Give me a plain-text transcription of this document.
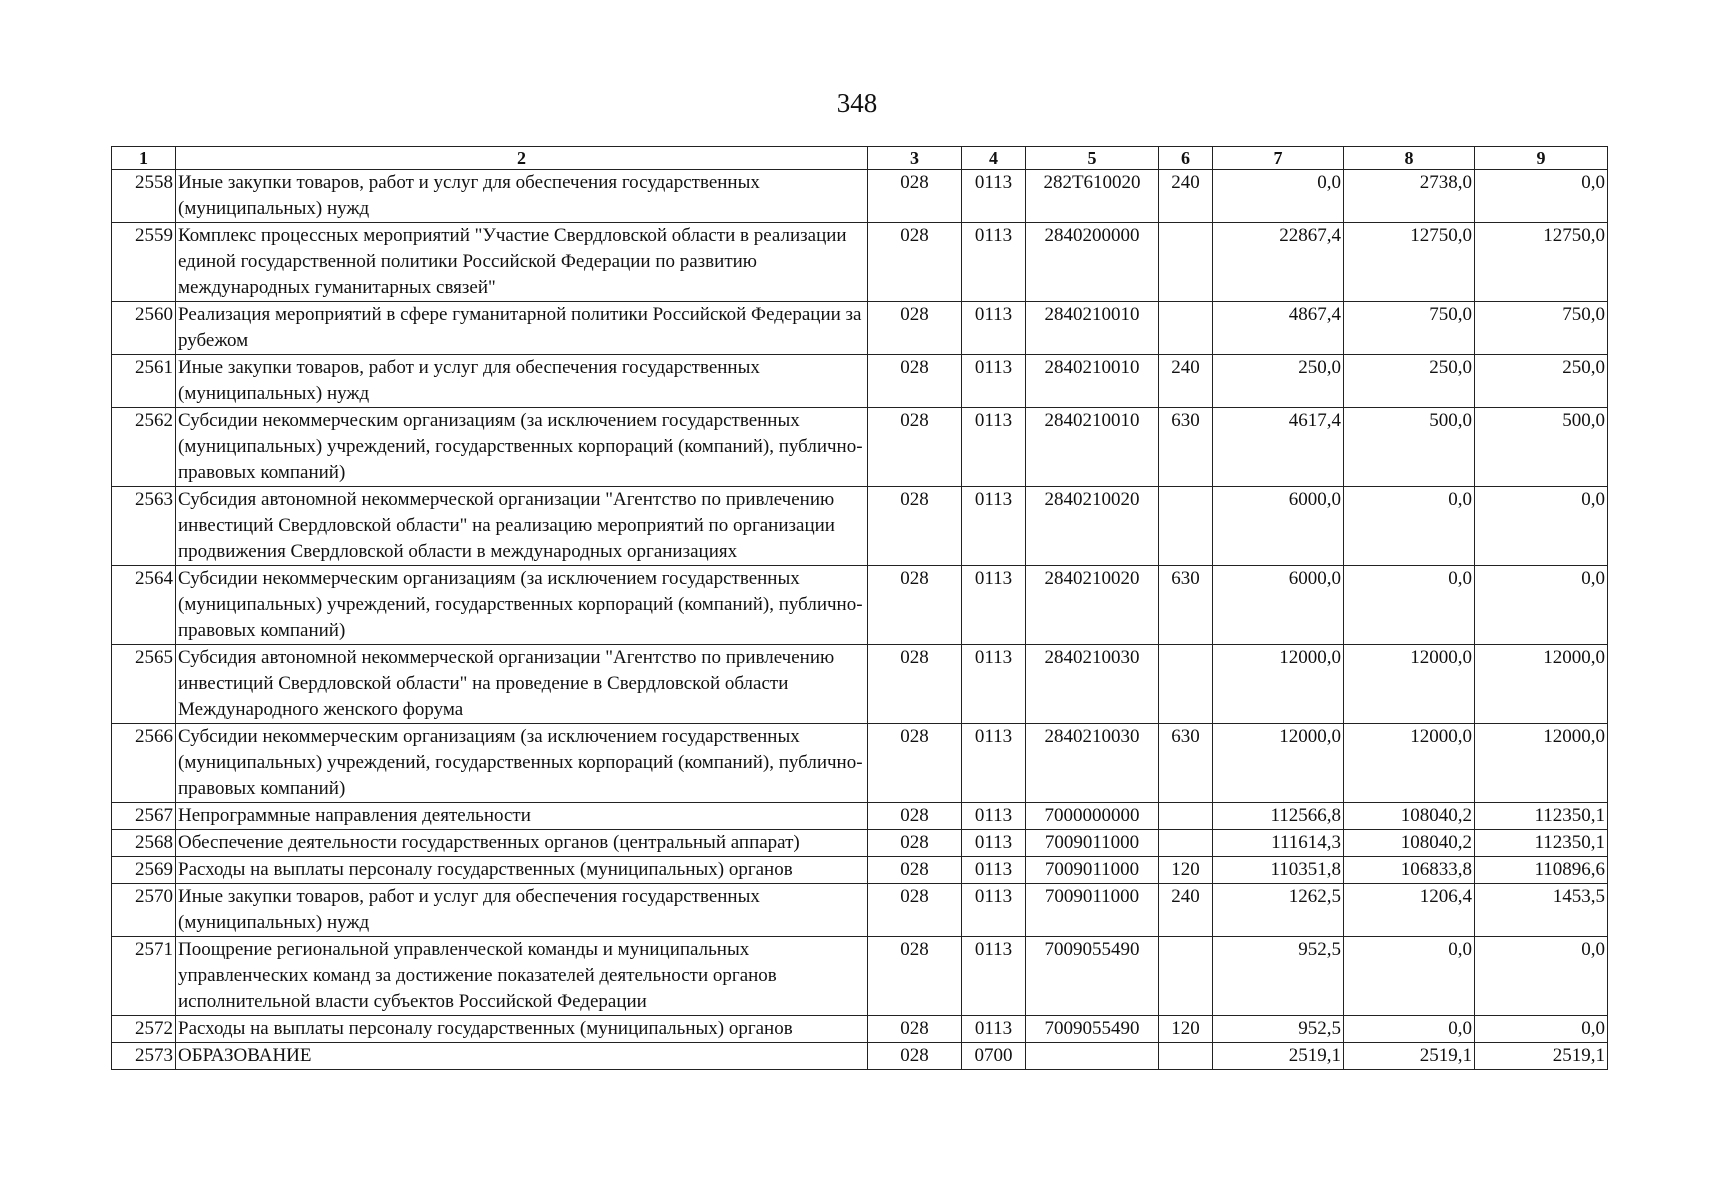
348
1	2	3	4	5	6	7	8	9
2558	Иные закупки товаров, работ и услуг для обеспечения государственных (муниципальных) нужд	028	0113	282Т610020	240	0,0	2738,0	0,0
2559	Комплекс процессных мероприятий "Участие Свердловской области в реализации единой государственной политики Российской Федерации по развитию международных гуманитарных связей"	028	0113	2840200000		22867,4	12750,0	12750,0
2560	Реализация мероприятий в сфере гуманитарной политики Российской Федерации за рубежом	028	0113	2840210010		4867,4	750,0	750,0
2561	Иные закупки товаров, работ и услуг для обеспечения государственных (муниципальных) нужд	028	0113	2840210010	240	250,0	250,0	250,0
2562	Субсидии некоммерческим организациям (за исключением государственных (муниципальных) учреждений, государственных корпораций (компаний), публично-правовых компаний)	028	0113	2840210010	630	4617,4	500,0	500,0
2563	Субсидия автономной некоммерческой организации "Агентство по привлечению инвестиций Свердловской области" на реализацию мероприятий по организации продвижения Свердловской области в международных организациях	028	0113	2840210020		6000,0	0,0	0,0
2564	Субсидии некоммерческим организациям (за исключением государственных (муниципальных) учреждений, государственных корпораций (компаний), публично-правовых компаний)	028	0113	2840210020	630	6000,0	0,0	0,0
2565	Субсидия автономной некоммерческой организации "Агентство по привлечению инвестиций Свердловской области" на проведение в Свердловской области Международного женского форума	028	0113	2840210030		12000,0	12000,0	12000,0
2566	Субсидии некоммерческим организациям (за исключением государственных (муниципальных) учреждений, государственных корпораций (компаний), публично-правовых компаний)	028	0113	2840210030	630	12000,0	12000,0	12000,0
2567	Непрограммные направления деятельности	028	0113	7000000000		112566,8	108040,2	112350,1
2568	Обеспечение деятельности государственных органов (центральный аппарат)	028	0113	7009011000		111614,3	108040,2	112350,1
2569	Расходы на выплаты персоналу государственных (муниципальных) органов	028	0113	7009011000	120	110351,8	106833,8	110896,6
2570	Иные закупки товаров, работ и услуг для обеспечения государственных (муниципальных) нужд	028	0113	7009011000	240	1262,5	1206,4	1453,5
2571	Поощрение региональной управленческой команды и муниципальных управленческих команд за достижение показателей деятельности органов исполнительной власти субъектов Российской Федерации	028	0113	7009055490		952,5	0,0	0,0
2572	Расходы на выплаты персоналу государственных (муниципальных) органов	028	0113	7009055490	120	952,5	0,0	0,0
2573	ОБРАЗОВАНИЕ	028	0700			2519,1	2519,1	2519,1
